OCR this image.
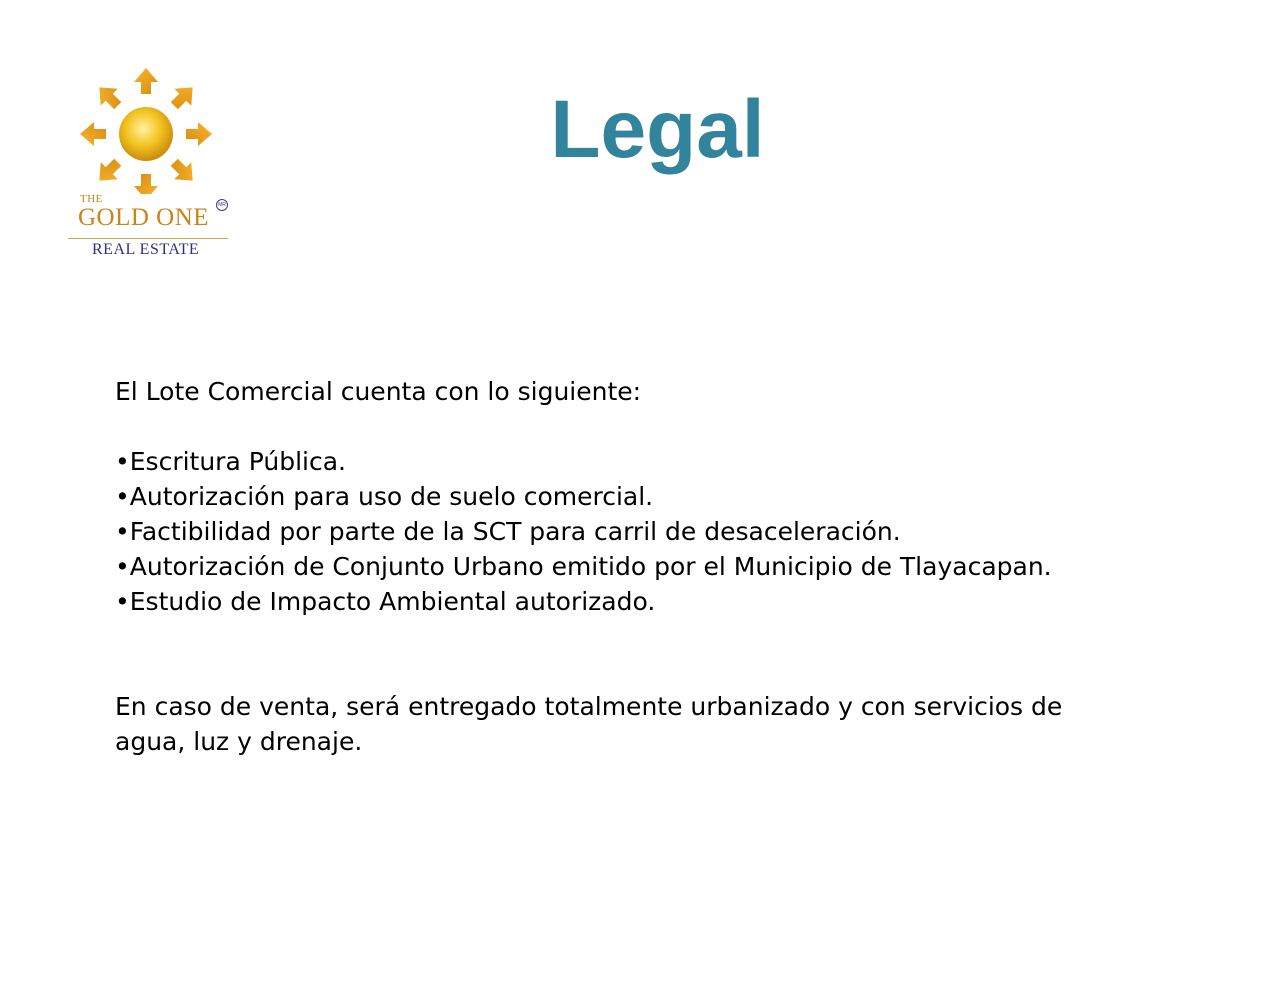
THE
GOLD ONE	MR
REAL ESTATE
Legal

El Lote Comercial cuenta con lo siguiente:

•Escritura Pública.
•Autorización para uso de suelo comercial.
•Factibilidad por parte de la SCT para carril de desaceleración.
•Autorización de Conjunto Urbano emitido por el Municipio de Tlayacapan.
•Estudio de Impacto Ambiental autorizado.

En caso de venta, será entregado totalmente urbanizado y con servicios de agua, luz y drenaje.
